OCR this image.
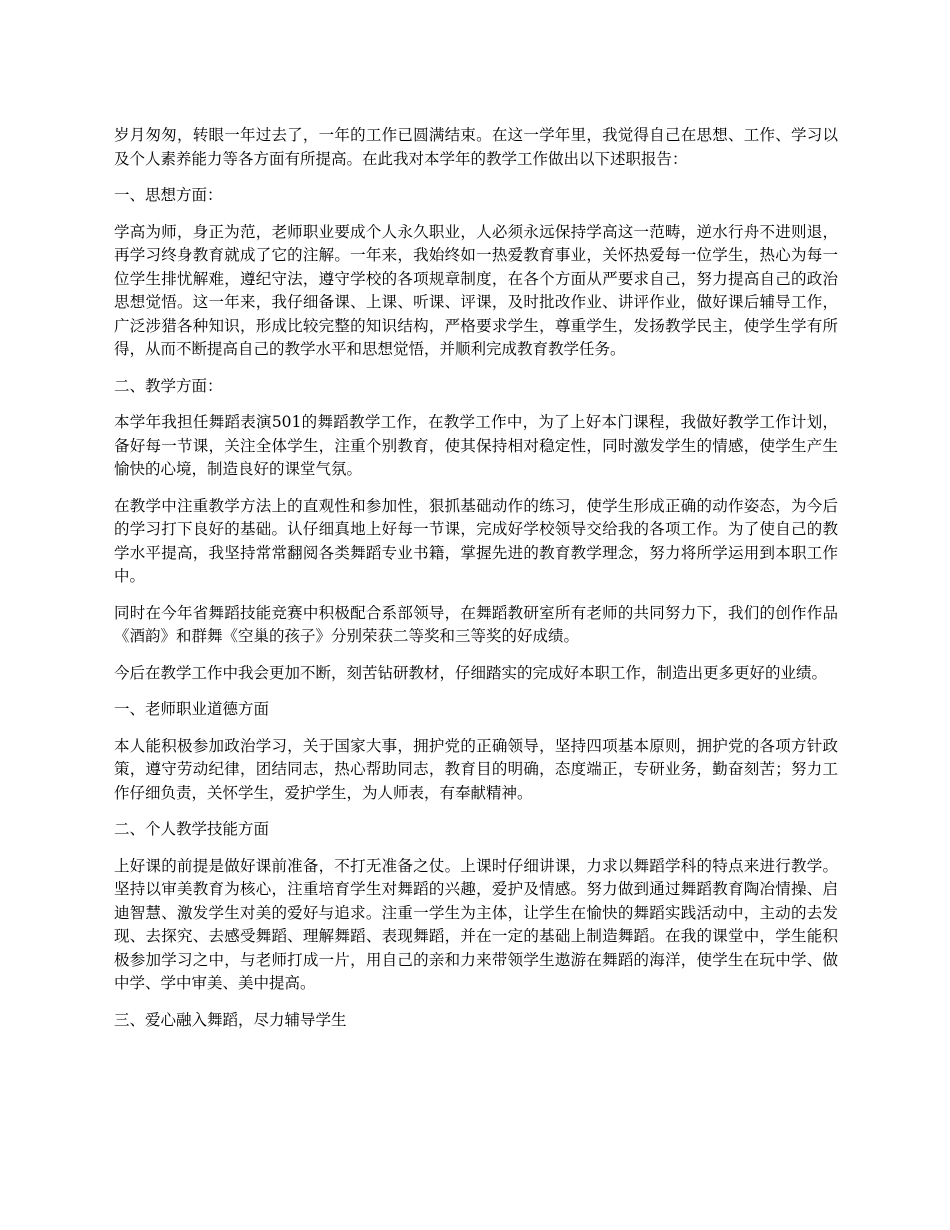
岁月匆匆，转眼一年过去了，一年的工作已圆满结束。在这一学年里，我觉得自己在思想、工作、学习以及个人素养能力等各方面有所提高。在此我对本学年的教学工作做出以下述职报告：

一、思想方面：

学高为师，身正为范，老师职业要成个人永久职业，人必须永远保持学高这一范畴，逆水行舟不进则退，再学习终身教育就成了它的注解。一年来，我始终如一热爱教育事业，关怀热爱每一位学生，热心为每一位学生排忧解难，遵纪守法，遵守学校的各项规章制度，在各个方面从严要求自己，努力提高自己的政治思想觉悟。这一年来，我仔细备课、上课、听课、评课，及时批改作业、讲评作业，做好课后辅导工作，广泛涉猎各种知识，形成比较完整的知识结构，严格要求学生，尊重学生，发扬教学民主，使学生学有所得，从而不断提高自己的教学水平和思想觉悟，并顺利完成教育教学任务。

二、教学方面：

本学年我担任舞蹈表演501的舞蹈教学工作，在教学工作中，为了上好本门课程，我做好教学工作计划，备好每一节课，关注全体学生，注重个别教育，使其保持相对稳定性，同时激发学生的情感，使学生产生愉快的心境，制造良好的课堂气氛。

在教学中注重教学方法上的直观性和参加性，狠抓基础动作的练习，使学生形成正确的动作姿态，为今后的学习打下良好的基础。认仔细真地上好每一节课，完成好学校领导交给我的各项工作。为了使自己的教学水平提高，我坚持常常翻阅各类舞蹈专业书籍，掌握先进的教育教学理念，努力将所学运用到本职工作中。

同时在今年省舞蹈技能竞赛中积极配合系部领导，在舞蹈教研室所有老师的共同努力下，我们的创作作品《酒韵》和群舞《空巢的孩子》分别荣获二等奖和三等奖的好成绩。

今后在教学工作中我会更加不断，刻苦钻研教材，仔细踏实的完成好本职工作，制造出更多更好的业绩。

一、老师职业道德方面

本人能积极参加政治学习，关于国家大事，拥护党的正确领导，坚持四项基本原则，拥护党的各项方针政策，遵守劳动纪律，团结同志，热心帮助同志，教育目的明确，态度端正，专研业务，勤奋刻苦；努力工作仔细负责，关怀学生，爱护学生，为人师表，有奉献精神。

二、个人教学技能方面

上好课的前提是做好课前准备，不打无准备之仗。上课时仔细讲课，力求以舞蹈学科的特点来进行教学。坚持以审美教育为核心，注重培育学生对舞蹈的兴趣，爱护及情感。努力做到通过舞蹈教育陶冶情操、启迪智慧、激发学生对美的爱好与追求。注重一学生为主体，让学生在愉快的舞蹈实践活动中，主动的去发现、去探究、去感受舞蹈、理解舞蹈、表现舞蹈，并在一定的基础上制造舞蹈。在我的课堂中，学生能积极参加学习之中，与老师打成一片，用自己的亲和力来带领学生遨游在舞蹈的海洋，使学生在玩中学、做中学、学中审美、美中提高。

三、爱心融入舞蹈，尽力辅导学生
